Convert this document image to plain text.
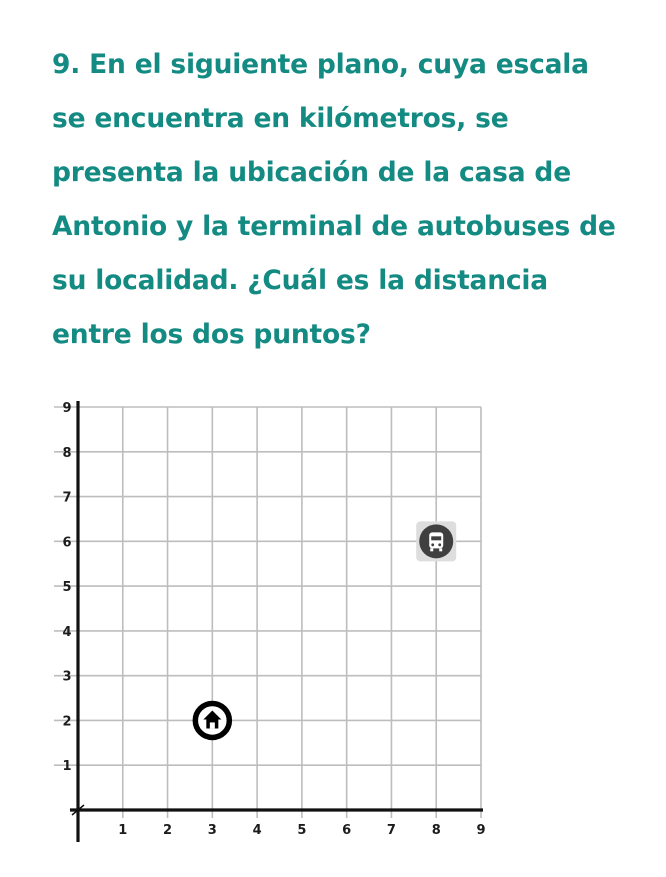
9. En el siguiente plano, cuya escala
se encuentra en kilómetros, se
presenta la ubicación de la casa de
Antonio y la terminal de autobuses de
su localidad. ¿Cuál es la distancia
entre los dos puntos?
1	2	3	4	5	6	7	8	9
1
2
3
4
5
6
7
8
9
